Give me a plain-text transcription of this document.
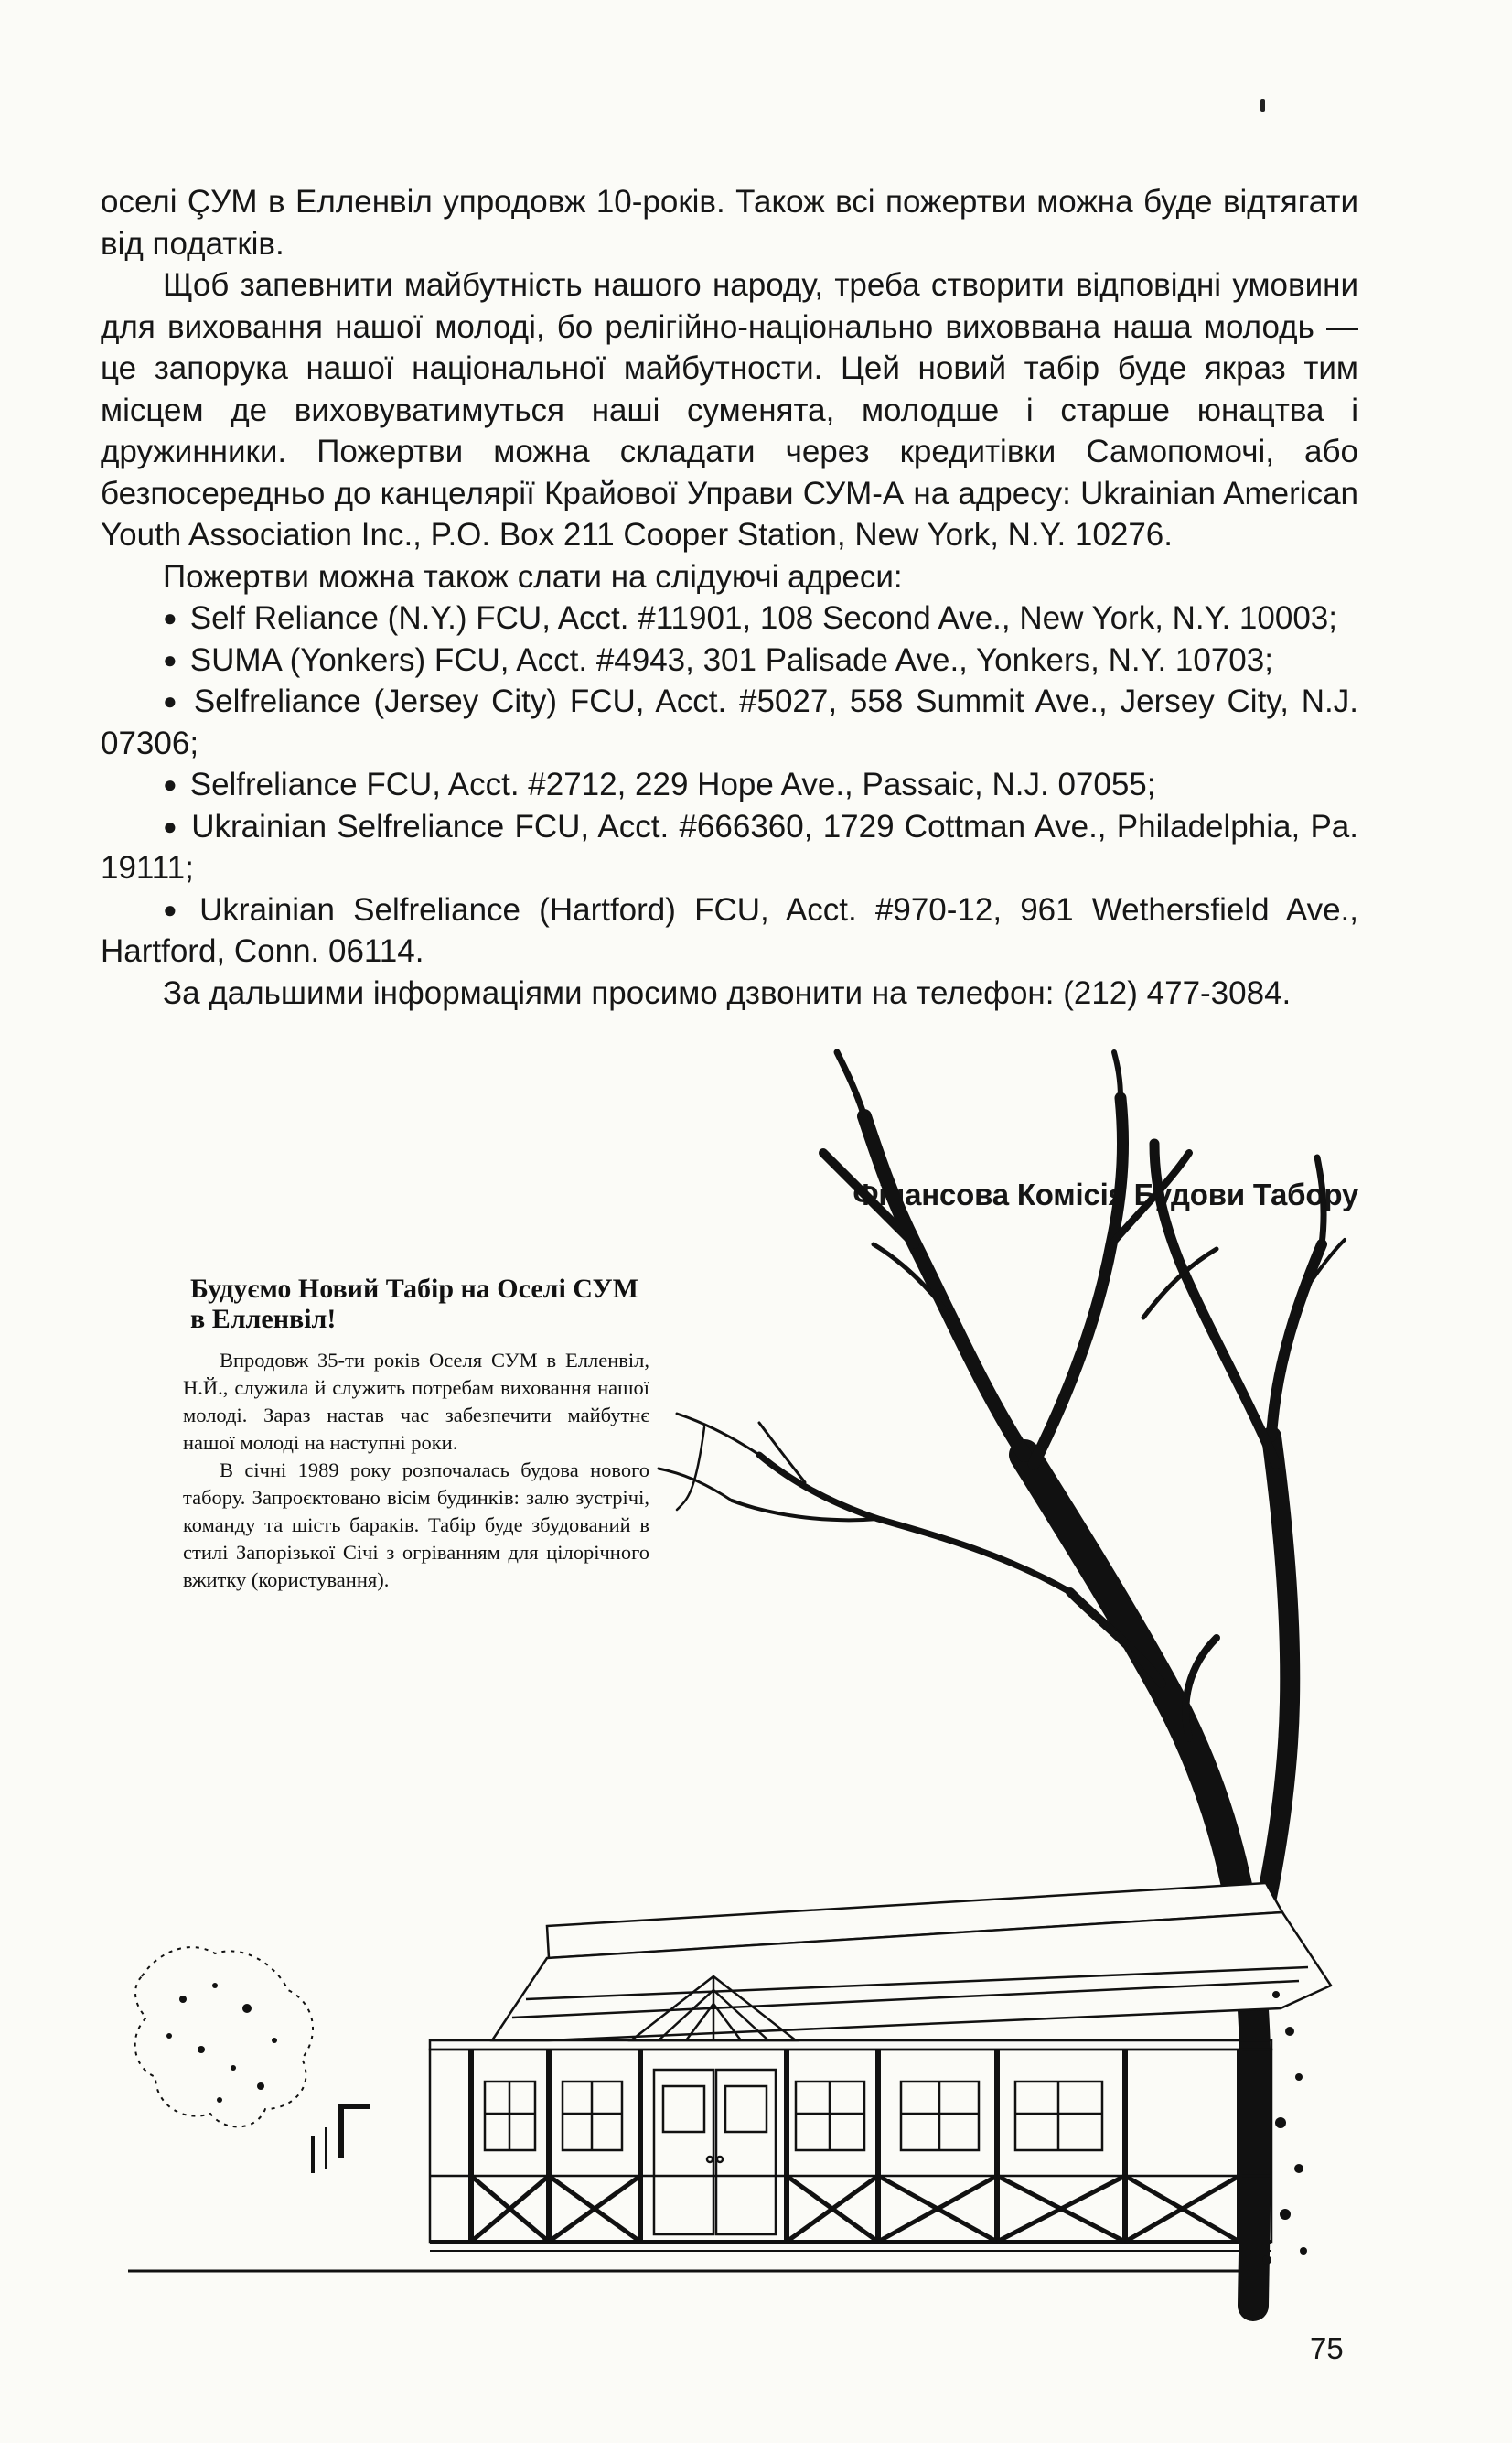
оселі ÇУМ в Елленвіл упродовж 10-років. Також всі пожертви можна буде відтягати від податків.

Щоб запевнити майбутність нашого народу, треба створити відповідні умовини для виховання нашої молоді, бо релігійно-національно виховвана наша молодь — це запорука нашої національної майбутности. Цей новий табір буде якраз тим місцем де виховуватимуться наші суменята, молодше і старше юнацтва і дружинники. Пожертви можна складати через кредитівки Самопомочі, або безпосередньо до канцелярії Крайової Управи СУМ-А на адресу: Ukrainian American Youth Association Inc., P.O. Box 211 Cooper Station, New York, N.Y. 10276.

Пожертви можна також слати на слідуючі адреси:

● Self Reliance (N.Y.) FCU, Acct. #11901, 108 Second Ave., New York, N.Y. 10003;

● SUMA (Yonkers) FCU, Acct. #4943, 301 Palisade Ave., Yonkers, N.Y. 10703;

● Selfreliance (Jersey City) FCU, Acct. #5027, 558 Summit Ave., Jersey City, N.J. 07306;

● Selfreliance FCU, Acct. #2712, 229 Hope Ave., Passaic, N.J. 07055;

● Ukrainian Selfreliance FCU, Acct. #666360, 1729 Cottman Ave., Philadelphia, Pa. 19111;

● Ukrainian Selfreliance (Hartford) FCU, Acct. #970-12, 961 Wethersfield Ave., Hartford, Conn. 06114.

За дальшими інформаціями просимо дзвонити на телефон: (212) 477-3084.

Фінансова Комісія Будови Табору
Будуємо Новий Табір на Оселі СУМ в Елленвіл!

Впродовж 35-ти років Оселя СУМ в Елленвіл, Н.Й., служила й служить потребам виховання нашої молоді. Зараз настав час забезпечити майбутнє нашої молоді на наступні роки.

В січні 1989 року розпочалась будова нового табору. Запроєктовано вісім будинків: залю зустрічі, команду та шість бараків. Табір буде збудований в стилі Запорізької Січі з огріванням для цілорічного вжитку (користування).

75
